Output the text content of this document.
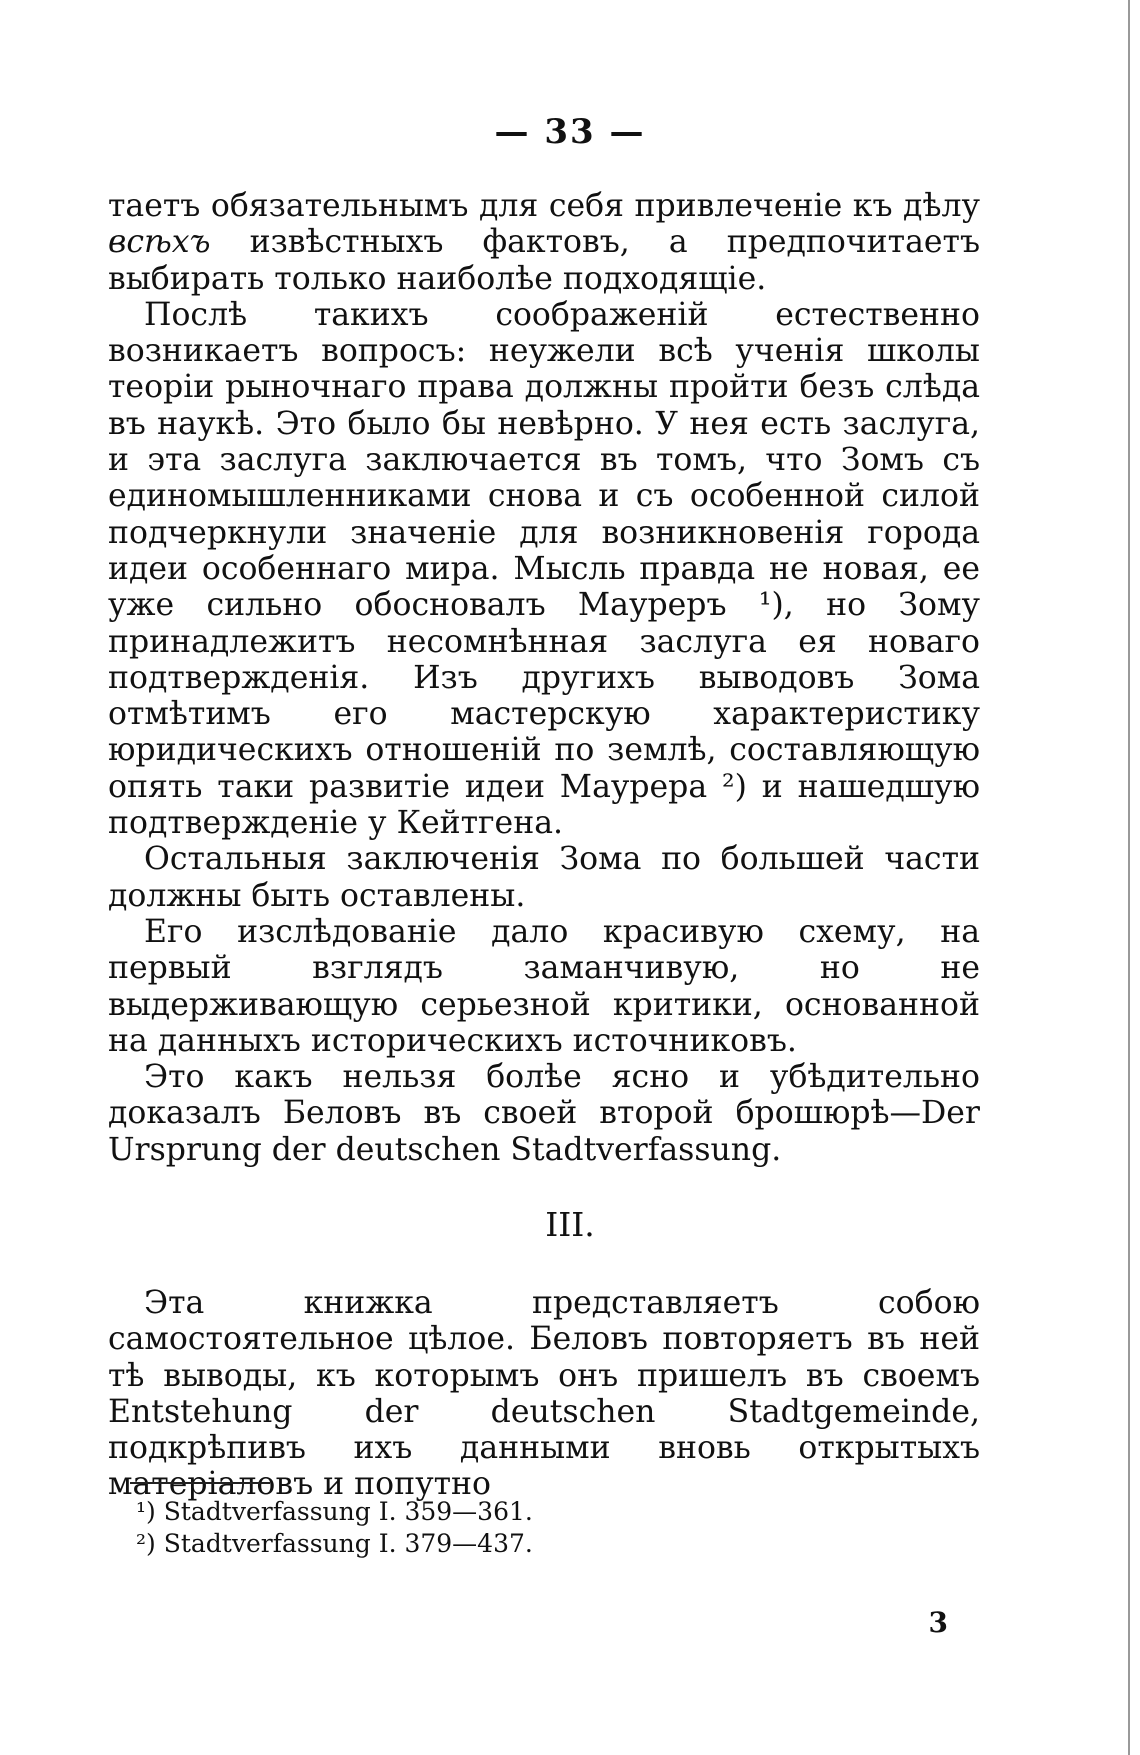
— 33 —

таетъ обязательнымъ для себя привлеченіе къ дѣлу всѣхъ извѣстныхъ фактовъ, а предпочитаетъ выбирать только наиболѣе подходящіе.

Послѣ такихъ соображеній естественно возникаетъ вопросъ: неужели всѣ ученія школы теоріи рыночнаго права должны пройти безъ слѣда въ наукѣ. Это было бы невѣрно. У нея есть заслуга, и эта заслуга заключается въ томъ, что Зомъ съ единомышленниками снова и съ особенной силой подчеркнули значеніе для возникновенія города идеи особеннаго мира. Мысль правда не новая, ее уже сильно обосновалъ Мауреръ ¹), но Зому принадлежитъ несомнѣнная заслуга ея новаго подтвержденія. Изъ другихъ выводовъ Зома отмѣтимъ его мастерскую характеристику юридическихъ отношеній по землѣ, составляющую опять таки развитіе идеи Маурера ²) и нашедшую подтвержденіе у Кейтгена.

Остальныя заключенія Зома по большей части должны быть оставлены.

Его изслѣдованіе дало красивую схему, на первый взглядъ заманчивую, но не выдерживающую серьезной критики, основанной на данныхъ историческихъ источниковъ.

Это какъ нельзя болѣе ясно и убѣдительно доказалъ Беловъ въ своей второй брошюрѣ—Der Ursprung der deutschen Stadtverfassung.

III.

Эта книжка представляетъ собою самостоятельное цѣлое. Беловъ повторяетъ въ ней тѣ выводы, къ которымъ онъ пришелъ въ своемъ Entstehung der deutschen Stadtgemeinde, подкрѣпивъ ихъ данными вновь открытыхъ матеріаловъ и попутно

¹) Stadtverfassung I. 359—361.
²) Stadtverfassung I. 379—437.
3
